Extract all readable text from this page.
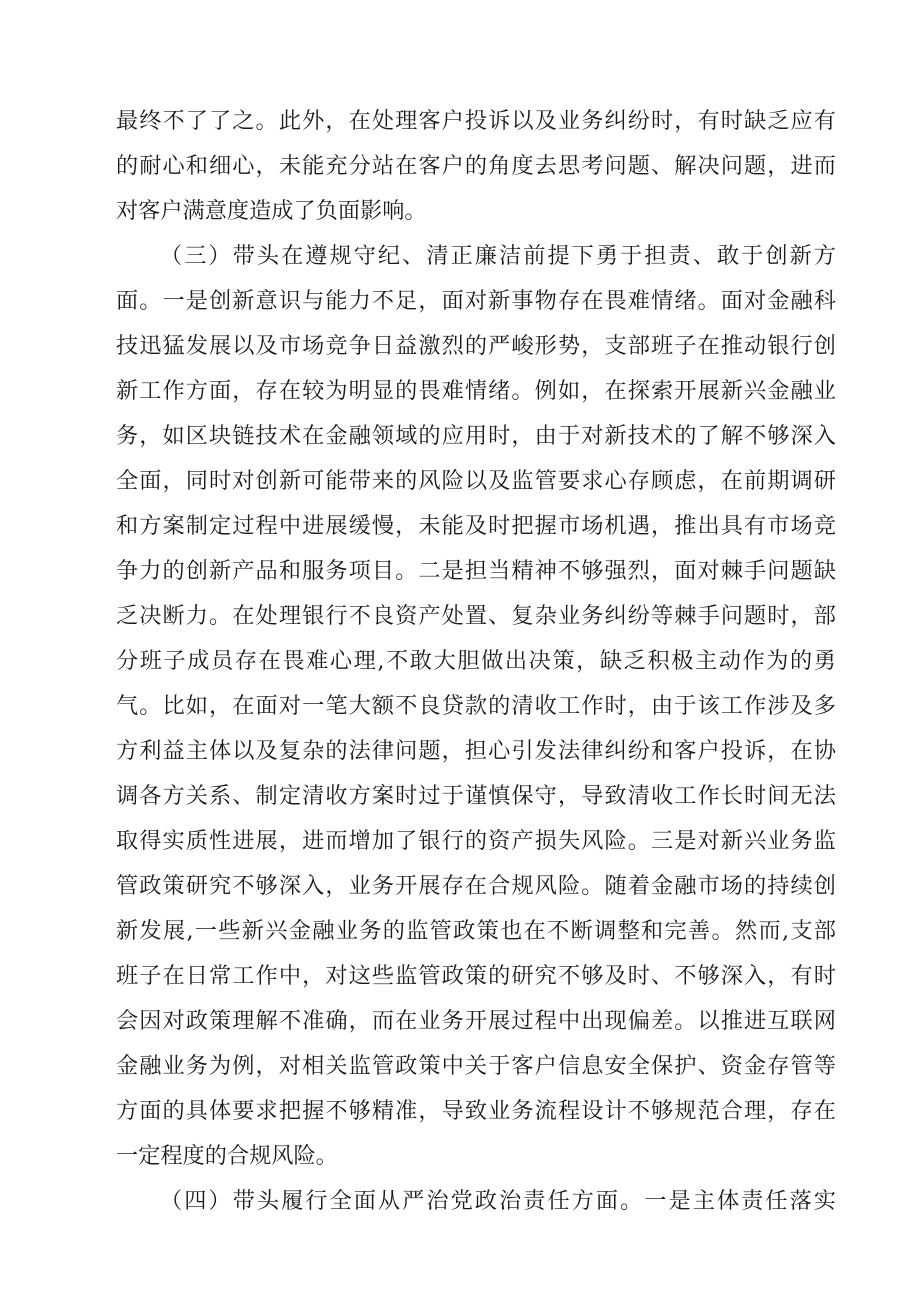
最终不了了之。此外，在处理客户投诉以及业务纠纷时，有时缺乏应有
的耐心和细心，未能充分站在客户的角度去思考问题、解决问题，进而
对客户满意度造成了负面影响。
（三）带头在遵规守纪、清正廉洁前提下勇于担责、敢于创新方
面。一是创新意识与能力不足，面对新事物存在畏难情绪。面对金融科
技迅猛发展以及市场竞争日益激烈的严峻形势，支部班子在推动银行创
新工作方面，存在较为明显的畏难情绪。例如，在探索开展新兴金融业
务，如区块链技术在金融领域的应用时，由于对新技术的了解不够深入
全面，同时对创新可能带来的风险以及监管要求心存顾虑，在前期调研
和方案制定过程中进展缓慢，未能及时把握市场机遇，推出具有市场竞
争力的创新产品和服务项目。二是担当精神不够强烈，面对棘手问题缺
乏决断力。在处理银行不良资产处置、复杂业务纠纷等棘手问题时，部
分班子成员存在畏难心理,不敢大胆做出决策，缺乏积极主动作为的勇
气。比如，在面对一笔大额不良贷款的清收工作时，由于该工作涉及多
方利益主体以及复杂的法律问题，担心引发法律纠纷和客户投诉，在协
调各方关系、制定清收方案时过于谨慎保守，导致清收工作长时间无法
取得实质性进展，进而增加了银行的资产损失风险。三是对新兴业务监
管政策研究不够深入，业务开展存在合规风险。随着金融市场的持续创
新发展,一些新兴金融业务的监管政策也在不断调整和完善。然而,支部
班子在日常工作中，对这些监管政策的研究不够及时、不够深入，有时
会因对政策理解不准确，而在业务开展过程中出现偏差。以推进互联网
金融业务为例，对相关监管政策中关于客户信息安全保护、资金存管等
方面的具体要求把握不够精准，导致业务流程设计不够规范合理，存在
一定程度的合规风险。
（四）带头履行全面从严治党政治责任方面。一是主体责任落实
